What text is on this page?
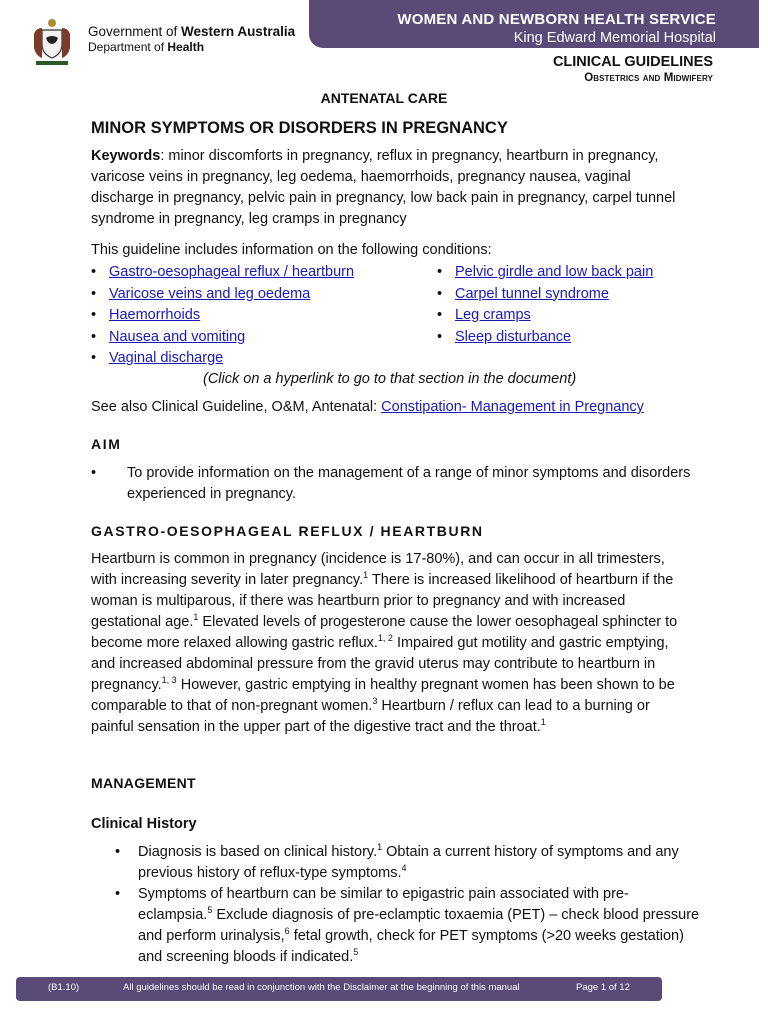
Government of Western Australia
Department of Health
WOMEN AND NEWBORN HEALTH SERVICE
King Edward Memorial Hospital
CLINICAL GUIDELINES
Obstetrics and Midwifery
ANTENATAL CARE
MINOR SYMPTOMS OR DISORDERS IN PREGNANCY
Keywords: minor discomforts in pregnancy, reflux in pregnancy, heartburn in pregnancy, varicose veins in pregnancy, leg oedema, haemorrhoids, pregnancy nausea, vaginal discharge in pregnancy, pelvic pain in pregnancy, low back pain in pregnancy, carpel tunnel syndrome in pregnancy, leg cramps in pregnancy
This guideline includes information on the following conditions:
• Gastro-oesophageal reflux / heartburn
• Varicose veins and leg oedema
• Haemorrhoids
• Nausea and vomiting
• Vaginal discharge
• Pelvic girdle and low back pain
• Carpel tunnel syndrome
• Leg cramps
• Sleep disturbance
(Click on a hyperlink to go to that section in the document)
See also Clinical Guideline, O&M, Antenatal: Constipation- Management in Pregnancy
AIM
• To provide information on the management of a range of minor symptoms and disorders experienced in pregnancy.
GASTRO-OESOPHAGEAL REFLUX / HEARTBURN
Heartburn is common in pregnancy (incidence is 17-80%), and can occur in all trimesters, with increasing severity in later pregnancy.$^1$ There is increased likelihood of heartburn if the woman is multiparous, if there was heartburn prior to pregnancy and with increased gestational age.$^1$ Elevated levels of progesterone cause the lower oesophageal sphincter to become more relaxed allowing gastric reflux.$^{1, 2}$ Impaired gut motility and gastric emptying, and increased abdominal pressure from the gravid uterus may contribute to heartburn in pregnancy.$^{1, 3}$ However, gastric emptying in healthy pregnant women has been shown to be comparable to that of non-pregnant women.$^3$ Heartburn / reflux can lead to a burning or painful sensation in the upper part of the digestive tract and the throat.$^1$
MANAGEMENT
Clinical History
• Diagnosis is based on clinical history.$^1$ Obtain a current history of symptoms and any previous history of reflux-type symptoms.$^4$
• Symptoms of heartburn can be similar to epigastric pain associated with pre-eclampsia.$^5$ Exclude diagnosis of pre-eclamptic toxaemia (PET) – check blood pressure and perform urinalysis,$^6$ fetal growth, check for PET symptoms (>20 weeks gestation) and screening bloods if indicated.$^5$
(B1.10)	All guidelines should be read in conjunction with the Disclaimer at the beginning of this manual	Page 1 of 12
